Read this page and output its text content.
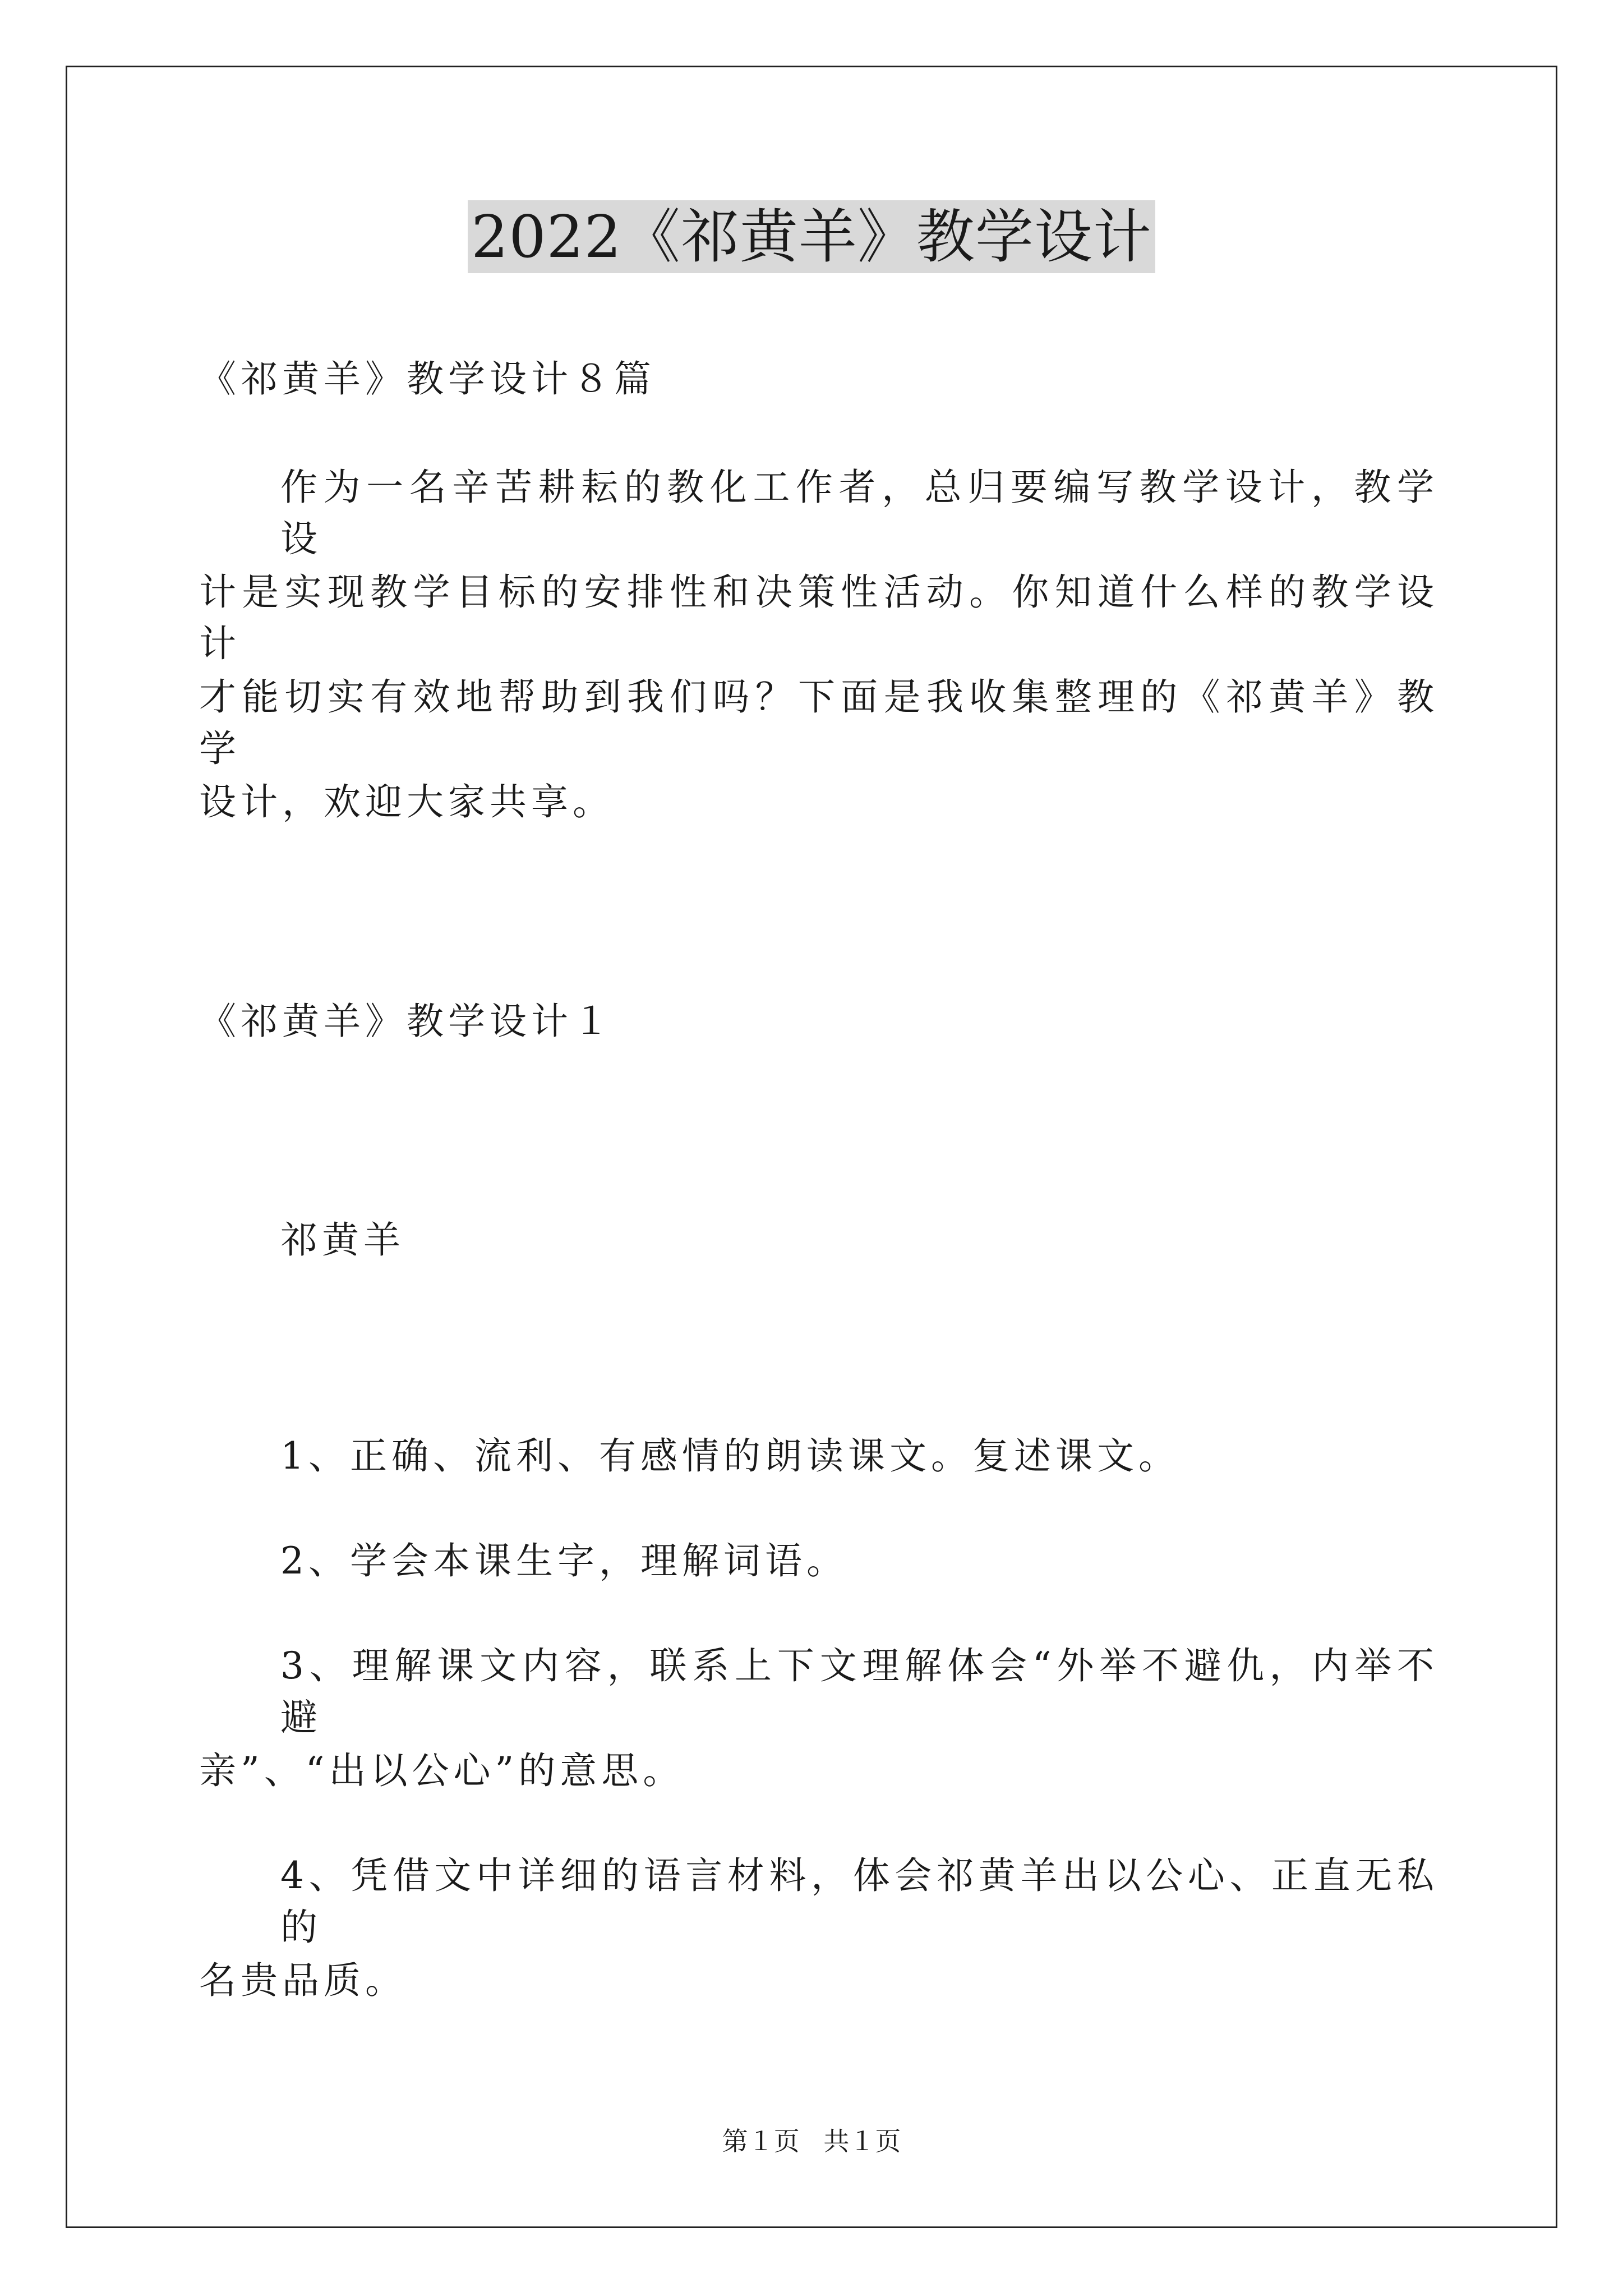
2022《祁黄羊》教学设计
《祁黄羊》教学设计８篇
作为一名辛苦耕耘的教化工作者，总归要编写教学设计，教学设
计是实现教学目标的安排性和决策性活动。你知道什么样的教学设计
才能切实有效地帮助到我们吗？下面是我收集整理的《祁黄羊》教学
设计，欢迎大家共享。
《祁黄羊》教学设计１
祁黄羊
1、正确、流利、有感情的朗读课文。复述课文。
2、学会本课生字，理解词语。
3、理解课文内容，联系上下文理解体会“外举不避仇，内举不避
亲”、“出以公心”的意思。
4、凭借文中详细的语言材料，体会祁黄羊出以公心、正直无私的
名贵品质。
第１页 共１页
